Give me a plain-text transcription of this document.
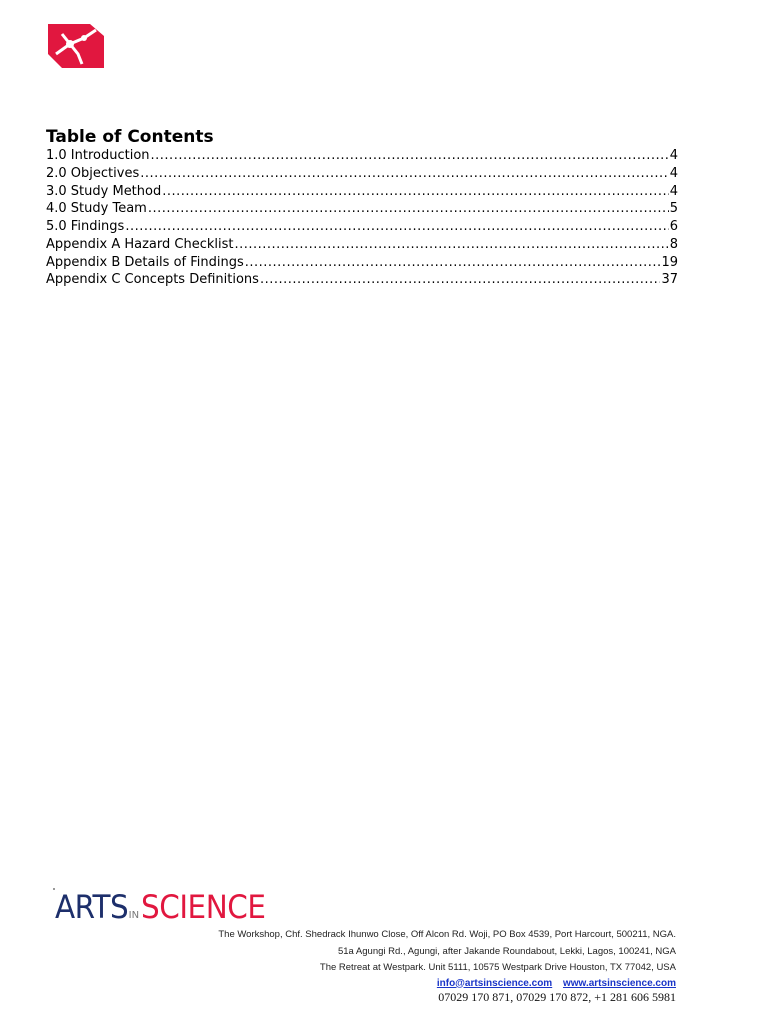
Table of Contents
1.0 Introduction .....	4
2.0 Objectives .....	4
3.0 Study Method .....	4
4.0 Study Team .....	5
5.0 Findings .....	6
Appendix A Hazard Checklist .....	8
Appendix B Details of Findings .....	19
Appendix C Concepts Definitions .....	37
ARTS IN SCIENCE
The Workshop, Chf. Shedrack Ihunwo Close, Off Alcon Rd. Woji, PO Box 4539, Port Harcourt, 500211, NGA.
51a Agungi Rd., Agungi, after Jakande Roundabout, Lekki, Lagos, 100241, NGA
The Retreat at Westpark. Unit 5111, 10575 Westpark Drive Houston, TX 77042, USA
info@artsinscience.com www.artsinscience.com
07029 170 871, 07029 170 872, +1 281 606 5981
